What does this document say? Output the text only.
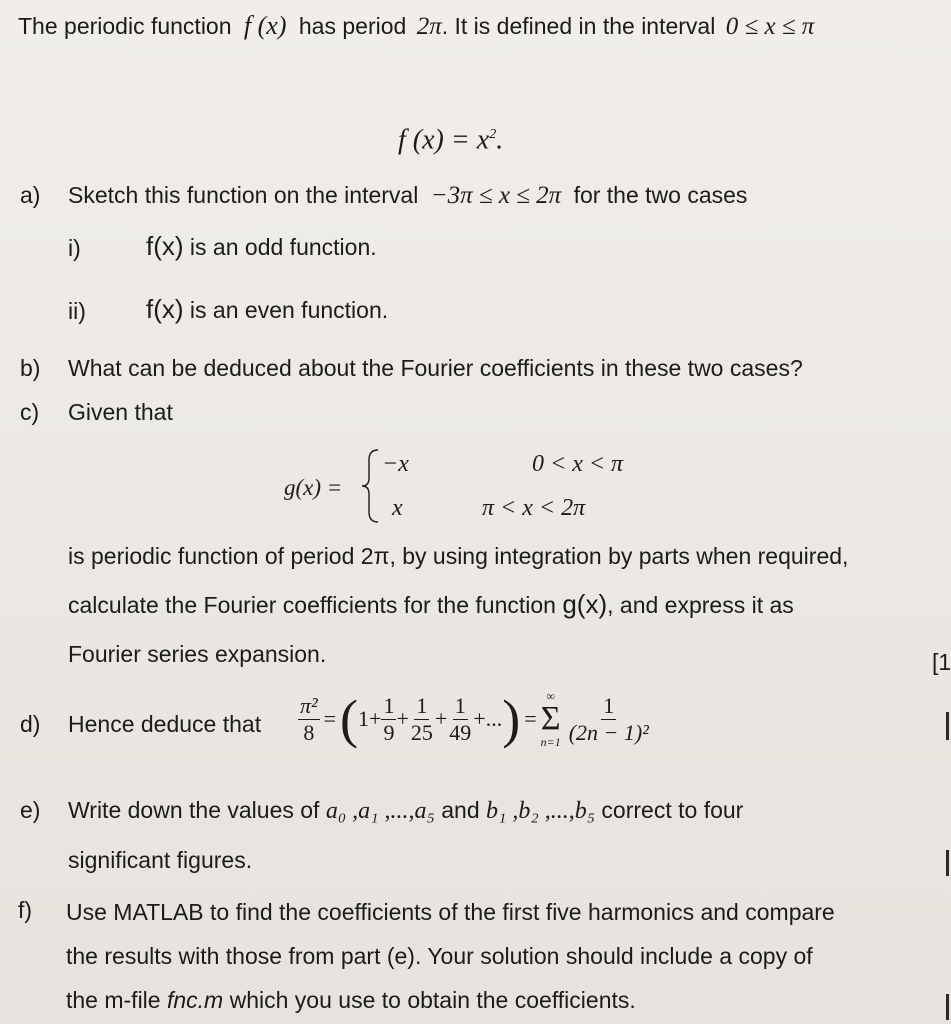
The periodic function f (x) has period 2π. It is defined in the interval 0 ≤ x ≤ π
f $(x) = x^2$.
a) Sketch this function on the interval −3π ≤ x ≤ 2π for the two cases
i)	f(x) is an odd function.
ii) f(x) is an even function.
b) What can be deduced about the Fourier coefficients in these two cases?
c) Given that
g(x) =
−x	0 < x < π
x	π < x < 2π
is periodic function of period 2π, by using integration by parts when required,
calculate the Fourier coefficients for the function g(x), and express it as
Fourier series expansion.	[1
d) Hence deduce that $\frac{\text{π²}}{8}$ = ( $1+ \frac{1}{9} + \frac{1}{25} + \frac{1}{49}$ +... ) =
∞
Σ
$n=1 \frac{1}{\text{(2n − 1)²}}$
e) Write down the values of a₀ ,a₁ ,...,a₅ and b₁ ,b₂ ,...,b₅ correct to four
significant figures.
f) Use MATLAB to find the coefficients of the first five harmonics and compare
the results with those from part (e). Your solution should include a copy of
the m-file fnc.m which you use to obtain the coefficients.
